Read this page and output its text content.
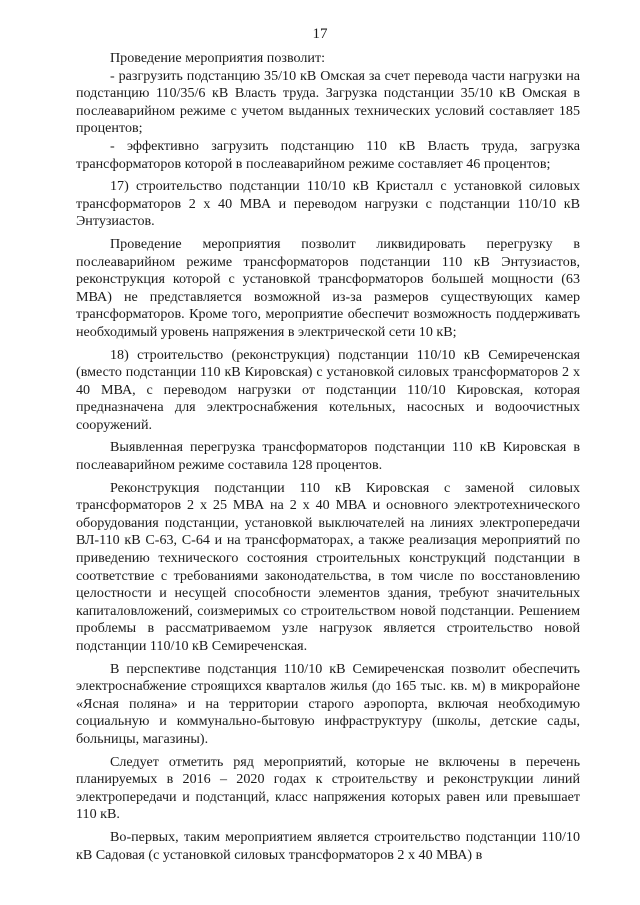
17

Проведение мероприятия позволит:

- разгрузить подстанцию 35/10 кВ Омская за счет перевода части нагрузки на подстанцию 110/35/6 кВ Власть труда. Загрузка подстанции 35/10 кВ Омская в послеаварийном режиме с учетом выданных технических условий составляет 185 процентов;

- эффективно загрузить подстанцию 110 кВ Власть труда, загрузка трансформаторов которой в послеаварийном режиме составляет 46 процентов;

17) строительство подстанции 110/10 кВ Кристалл с установкой силовых трансформаторов 2 x 40 МВА и переводом нагрузки с подстанции 110/10 кВ Энтузиастов.

Проведение мероприятия позволит ликвидировать перегрузку в послеаварийном режиме трансформаторов подстанции 110 кВ Энтузиастов, реконструкция которой с установкой трансформаторов большей мощности (63 МВА) не представляется возможной из-за размеров существующих камер трансформаторов. Кроме того, мероприятие обеспечит возможность поддерживать необходимый уровень напряжения в электрической сети 10 кВ;

18) строительство (реконструкция) подстанции 110/10 кВ Семиреченская (вместо подстанции 110 кВ Кировская) с установкой силовых трансформаторов 2 x 40 МВА, с переводом нагрузки от подстанции 110/10 Кировская, которая предназначена для электроснабжения котельных, насосных и водоочистных сооружений.

Выявленная перегрузка трансформаторов подстанции 110 кВ Кировская в послеаварийном режиме составила 128 процентов.

Реконструкция подстанции 110 кВ Кировская с заменой силовых трансформаторов 2 x 25 МВА на 2 x 40 МВА и основного электротехнического оборудования подстанции, установкой выключателей на линиях электропередачи ВЛ-110 кВ С-63, С-64 и на трансформаторах, а также реализация мероприятий по приведению технического состояния строительных конструкций подстанции в соответствие с требованиями законодательства, в том числе по восстановлению целостности и несущей способности элементов здания, требуют значительных капиталовложений, соизмеримых со строительством новой подстанции. Решением проблемы в рассматриваемом узле нагрузок является строительство новой подстанции 110/10 кВ Семиреченская.

В перспективе подстанция 110/10 кВ Семиреченская позволит обеспечить электроснабжение строящихся кварталов жилья (до 165 тыс. кв. м) в микрорайоне «Ясная поляна» и на территории старого аэропорта, включая необходимую социальную и коммунально-бытовую инфраструктуру (школы, детские сады, больницы, магазины).

Следует отметить ряд мероприятий, которые не включены в перечень планируемых в 2016 – 2020 годах к строительству и реконструкции линий электропередачи и подстанций, класс напряжения которых равен или превышает 110 кВ.

Во-первых, таким мероприятием является строительство подстанции 110/10 кВ Садовая (с установкой силовых трансформаторов 2 x 40 МВА) в
